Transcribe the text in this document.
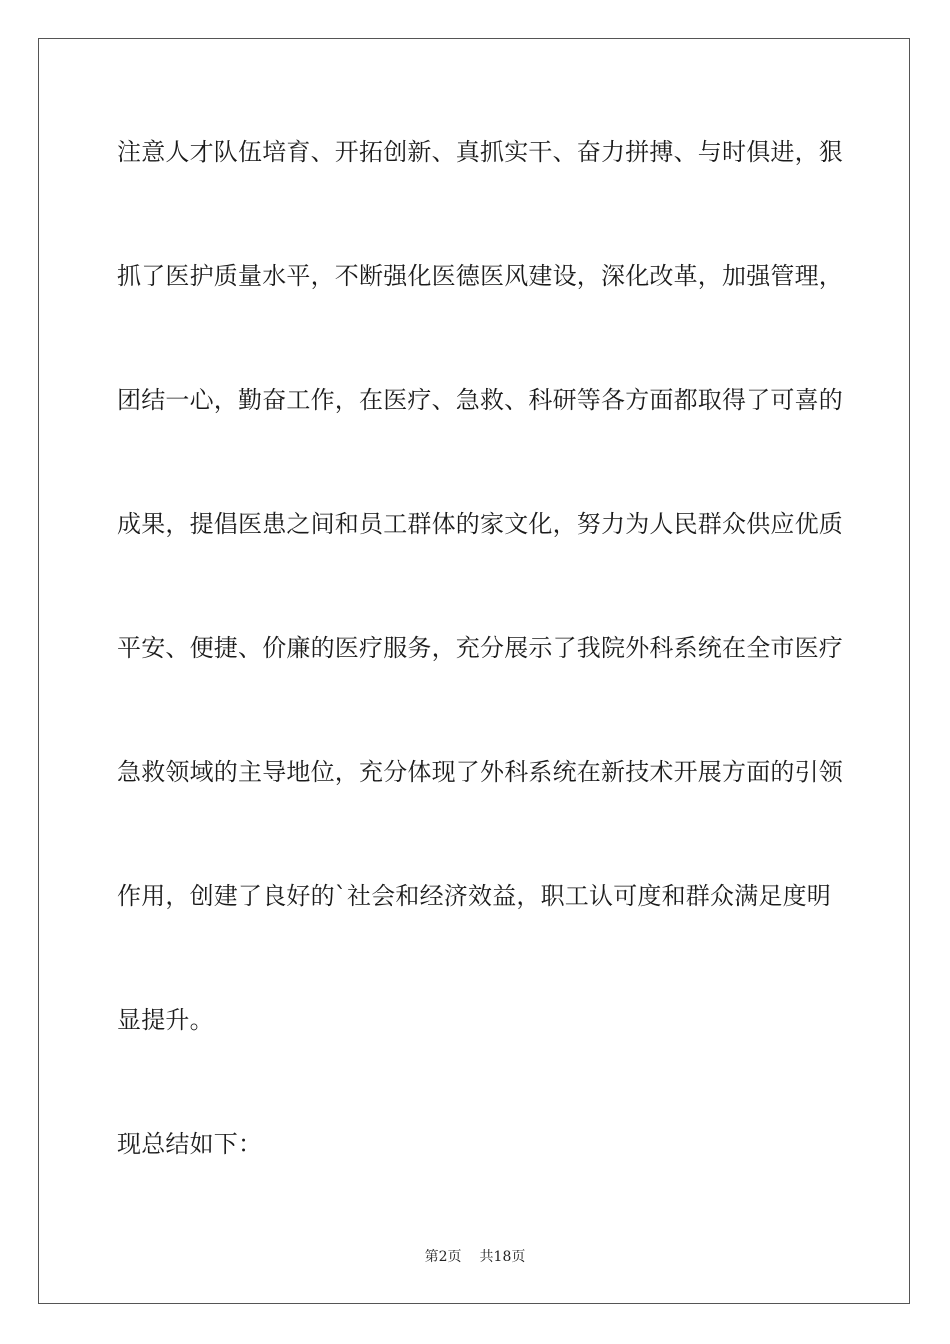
注意人才队伍培育、开拓创新、真抓实干、奋力拼搏、与时俱进，狠
抓了医护质量水平，不断强化医德医风建设，深化改革，加强管理，
团结一心，勤奋工作，在医疗、急救、科研等各方面都取得了可喜的
成果，提倡医患之间和员工群体的家文化，努力为人民群众供应优质
平安、便捷、价廉的医疗服务，充分展示了我院外科系统在全市医疗
急救领域的主导地位，充分体现了外科系统在新技术开展方面的引领
作用，创建了良好的`社会和经济效益，职工认可度和群众满足度明
显提升。
现总结如下：
第2页 共18页
